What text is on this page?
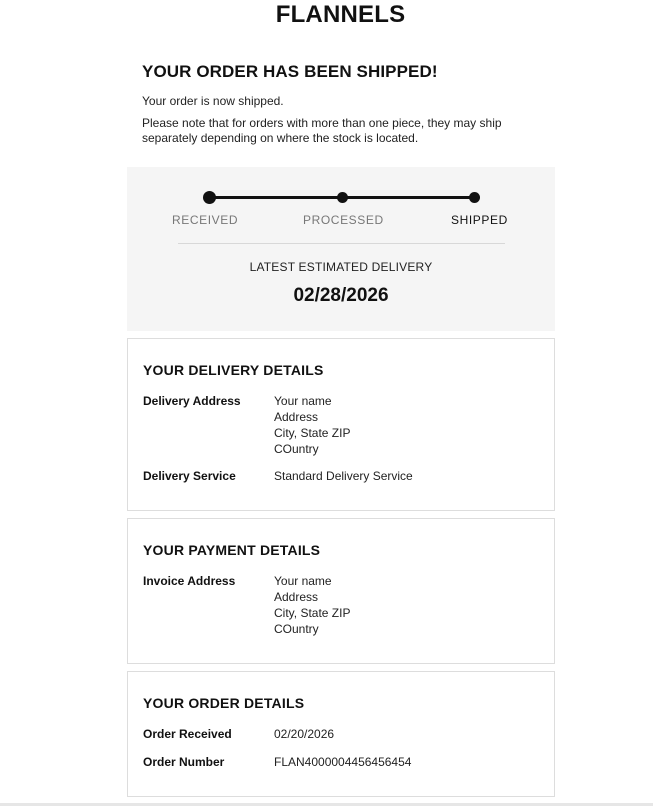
FLANNELS
YOUR ORDER HAS BEEN SHIPPED!

Your order is now shipped.

Please note that for orders with more than one piece, they may ship separately depending on where the stock is located.

RECEIVED	PROCESSED	SHIPPED
LATEST ESTIMATED DELIVERY
02/28/2026
YOUR DELIVERY DETAILS
Delivery Address	Your name
Address
City, State ZIP
COuntry
Delivery Service	Standard Delivery Service
YOUR PAYMENT DETAILS
Invoice Address	Your name
Address
City, State ZIP
COuntry
YOUR ORDER DETAILS
Order Received	02/20/2026
Order Number	FLAN4000004456456454
